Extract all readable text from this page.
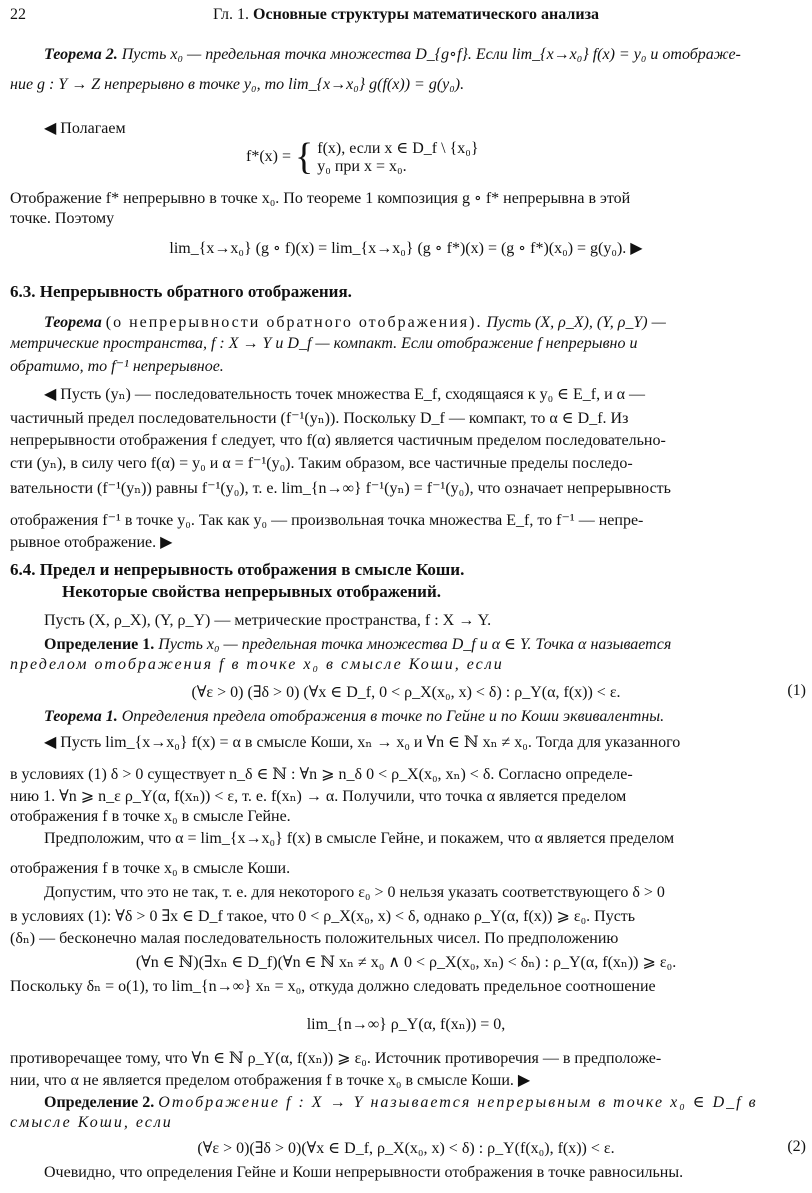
22	Гл. 1. Основные структуры математического анализа
Теорема 2. Пусть x₀ — предельная точка множества D_{g∘f}. Если lim_{x→x₀} f(x) = y₀ и отображе-
ние g : Y → Z непрерывно в точке y₀, то lim_{x→x₀} g(f(x)) = g(y₀).
◀ Полагаем
f*(x) = { f(x), если x ∈ D_f \ {x₀}
y₀ при x = x₀.
Отображение f* непрерывно в точке x₀. По теореме 1 композиция g ∘ f* непрерывна в этой
точке. Поэтому
lim_{x→x₀} (g ∘ f)(x) = lim_{x→x₀} (g ∘ f*)(x) = (g ∘ f*)(x₀) = g(y₀). ▶
6.3. Непрерывность обратного отображения.
Теорема (о непрерывности обратного отображения). Пусть (X, ρ_X), (Y, ρ_Y) —
метрические пространства, f : X → Y и D_f — компакт. Если отображение f непрерывно и
обратимо, то f⁻¹ непрерывное.
◀ Пусть (yₙ) — последовательность точек множества E_f, сходящаяся к y₀ ∈ E_f, и α —
частичный предел последовательности (f⁻¹(yₙ)). Поскольку D_f — компакт, то α ∈ D_f. Из
непрерывности отображения f следует, что f(α) является частичным пределом последовательно-
сти (yₙ), в силу чего f(α) = y₀ и α = f⁻¹(y₀). Таким образом, все частичные пределы последо-
вательности (f⁻¹(yₙ)) равны f⁻¹(y₀), т. е. lim_{n→∞} f⁻¹(yₙ) = f⁻¹(y₀), что означает непрерывность
отображения f⁻¹ в точке y₀. Так как y₀ — произвольная точка множества E_f, то f⁻¹ — непре-
рывное отображение. ▶
6.4. Предел и непрерывность отображения в смысле Коши.
Некоторые свойства непрерывных отображений.
Пусть (X, ρ_X), (Y, ρ_Y) — метрические пространства, f : X → Y.
Определение 1. Пусть x₀ — предельная точка множества D_f и α ∈ Y. Точка α называется
пределом отображения f в точке x₀ в смысле Коши, если
(∀ε > 0) (∃δ > 0) (∀x ∈ D_f, 0 < ρ_X(x₀, x) < δ) : ρ_Y(α, f(x)) < ε.	(1)
Теорема 1. Определения предела отображения в точке по Гейне и по Коши эквивалентны.
◀ Пусть lim_{x→x₀} f(x) = α в смысле Коши, xₙ → x₀ и ∀n ∈ ℕ xₙ ≠ x₀. Тогда для указанного
в условиях (1) δ > 0 существует n_δ ∈ ℕ : ∀n ⩾ n_δ 0 < ρ_X(x₀, xₙ) < δ. Согласно определе-
нию 1. ∀n ⩾ n_ε ρ_Y(α, f(xₙ)) < ε, т. е. f(xₙ) → α. Получили, что точка α является пределом
отображения f в точке x₀ в смысле Гейне.
Предположим, что α = lim_{x→x₀} f(x) в смысле Гейне, и покажем, что α является пределом
отображения f в точке x₀ в смысле Коши.
Допустим, что это не так, т. е. для некоторого ε₀ > 0 нельзя указать соответствующего δ > 0
в условиях (1): ∀δ > 0 ∃x ∈ D_f такое, что 0 < ρ_X(x₀, x) < δ, однако ρ_Y(α, f(x)) ⩾ ε₀. Пусть
(δₙ) — бесконечно малая последовательность положительных чисел. По предположению
(∀n ∈ ℕ)(∃xₙ ∈ D_f)(∀n ∈ ℕ xₙ ≠ x₀ ∧ 0 < ρ_X(x₀, xₙ) < δₙ) : ρ_Y(α, f(xₙ)) ⩾ ε₀.
Поскольку δₙ = o(1), то lim_{n→∞} xₙ = x₀, откуда должно следовать предельное соотношение
lim_{n→∞} ρ_Y(α, f(xₙ)) = 0,
противоречащее тому, что ∀n ∈ ℕ ρ_Y(α, f(xₙ)) ⩾ ε₀. Источник противоречия — в предположе-
нии, что α не является пределом отображения f в точке x₀ в смысле Коши. ▶
Определение 2. Отображение f : X → Y называется непрерывным в точке x₀ ∈ D_f в
смысле Коши, если
(∀ε > 0)(∃δ > 0)(∀x ∈ D_f, ρ_X(x₀, x) < δ) : ρ_Y(f(x₀), f(x)) < ε.	(2)
Очевидно, что определения Гейне и Коши непрерывности отображения в точке равносильны.
